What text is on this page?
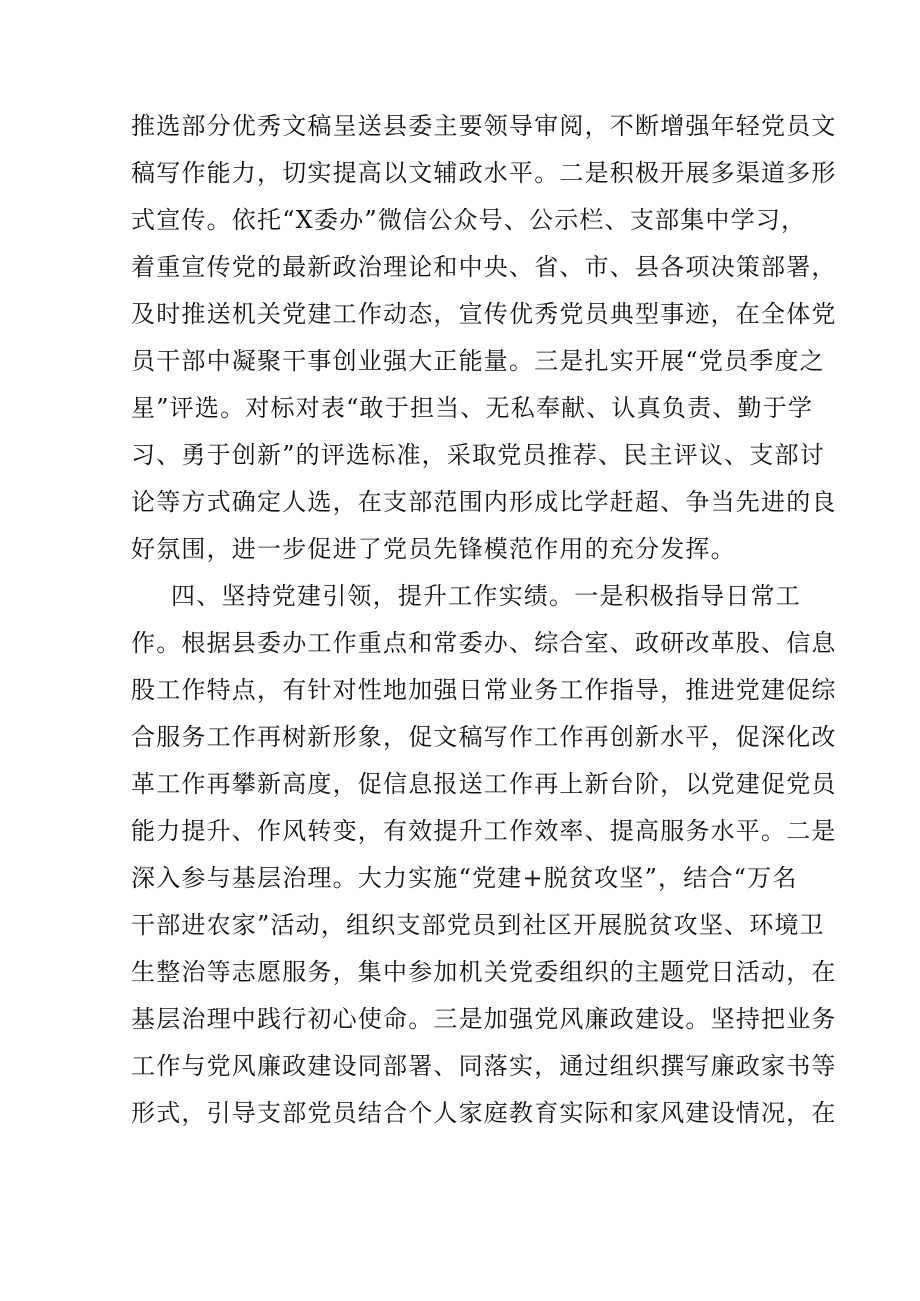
推选部分优秀文稿呈送县委主要领导审阅，不断增强年轻党员文
稿写作能力，切实提高以文辅政水平。二是积极开展多渠道多形
式宣传。依托“X委办”微信公众号、公示栏、支部集中学习，
着重宣传党的最新政治理论和中央、省、市、县各项决策部署，
及时推送机关党建工作动态，宣传优秀党员典型事迹，在全体党
员干部中凝聚干事创业强大正能量。三是扎实开展“党员季度之
星”评选。对标对表“敢于担当、无私奉献、认真负责、勤于学
习、勇于创新”的评选标准，采取党员推荐、民主评议、支部讨
论等方式确定人选，在支部范围内形成比学赶超、争当先进的良
好氛围，进一步促进了党员先锋模范作用的充分发挥。
四、坚持党建引领，提升工作实绩。一是积极指导日常工
作。根据县委办工作重点和常委办、综合室、政研改革股、信息
股工作特点，有针对性地加强日常业务工作指导，推进党建促综
合服务工作再树新形象，促文稿写作工作再创新水平，促深化改
革工作再攀新高度，促信息报送工作再上新台阶，以党建促党员
能力提升、作风转变，有效提升工作效率、提高服务水平。二是
深入参与基层治理。大力实施“党建+脱贫攻坚”，结合“万名
干部进农家”活动，组织支部党员到社区开展脱贫攻坚、环境卫
生整治等志愿服务，集中参加机关党委组织的主题党日活动，在
基层治理中践行初心使命。三是加强党风廉政建设。坚持把业务
工作与党风廉政建设同部署、同落实，通过组织撰写廉政家书等
形式，引导支部党员结合个人家庭教育实际和家风建设情况，在
